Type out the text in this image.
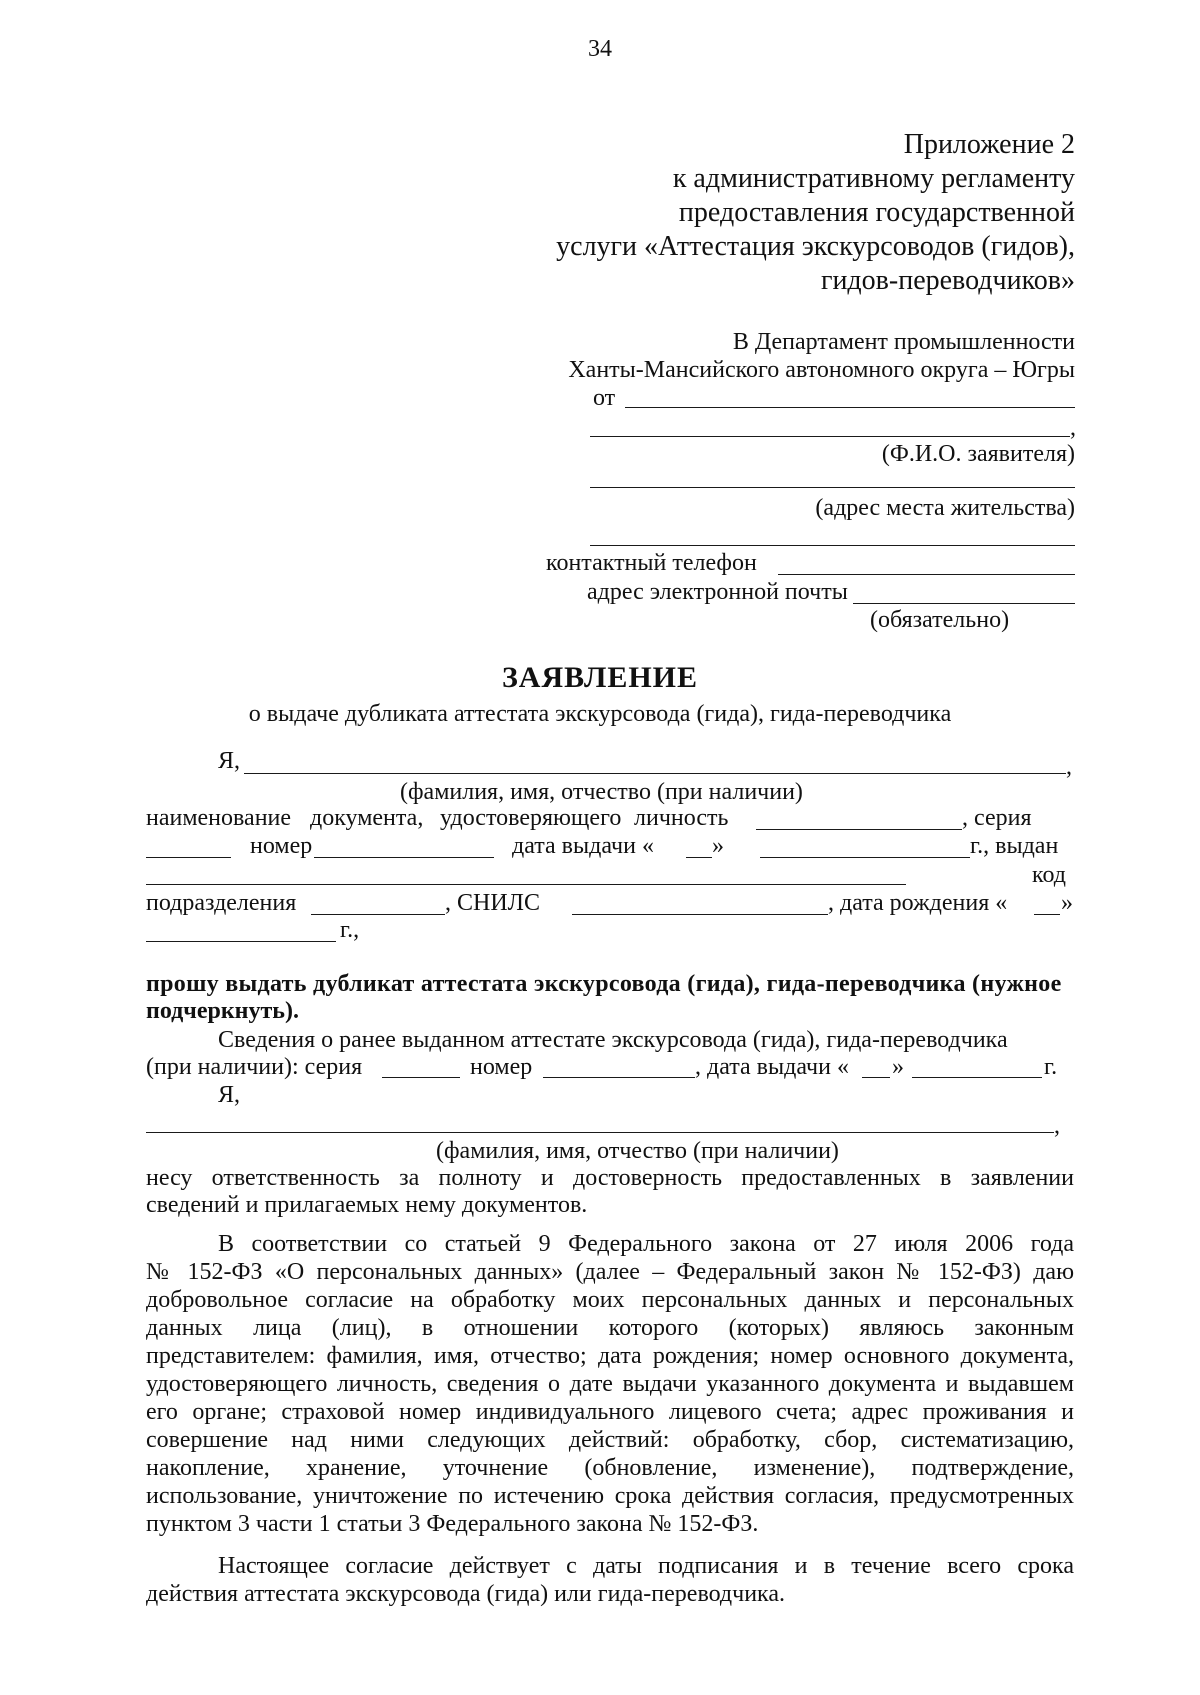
34
Приложение 2
к административному регламенту
предоставления государственной
услуги «Аттестация экскурсоводов (гидов),
гидов-переводчиков»
В Департамент промышленности
Ханты-Мансийского автономного округа – Югры
от
,
(Ф.И.О. заявителя)
(адрес места жительства)
контактный телефон
адрес электронной почты
(обязательно)
ЗАЯВЛЕНИЕ
о выдаче дубликата аттестата экскурсовода (гида), гида-переводчика
Я,	,
(фамилия, имя, отчество (при наличии)
наименование документа, удостоверяющего личность	, серия
номер	дата выдачи « »	г., выдан
код
подразделения	, СНИЛС	, дата рождения « »
г.,
прошу выдать дубликат аттестата экскурсовода (гида), гида-переводчика (нужное
подчеркнуть).
Сведения о ранее выданном аттестате экскурсовода (гида), гида-переводчика
(при наличии): серия	номер	, дата выдачи « »	г.
Я,
,
(фамилия, имя, отчество (при наличии)
несу ответственность за полноту и достоверность предоставленных в заявлении
сведений и прилагаемых нему документов.
В соответствии со статьей 9 Федерального закона от 27 июля 2006 года
№ 152-ФЗ «О персональных данных» (далее – Федеральный закон № 152-ФЗ) даю
добровольное согласие на обработку моих персональных данных и персональных
данных лица (лиц), в отношении которого (которых) являюсь законным
представителем: фамилия, имя, отчество; дата рождения; номер основного документа,
удостоверяющего личность, сведения о дате выдачи указанного документа и выдавшем
его органе; страховой номер индивидуального лицевого счета; адрес проживания и
совершение над ними следующих действий: обработку, сбор, систематизацию,
накопление, хранение, уточнение (обновление, изменение), подтверждение,
использование, уничтожение по истечению срока действия согласия, предусмотренных
пунктом 3 части 1 статьи 3 Федерального закона № 152-ФЗ.
Настоящее согласие действует с даты подписания и в течение всего срока
действия аттестата экскурсовода (гида) или гида-переводчика.
